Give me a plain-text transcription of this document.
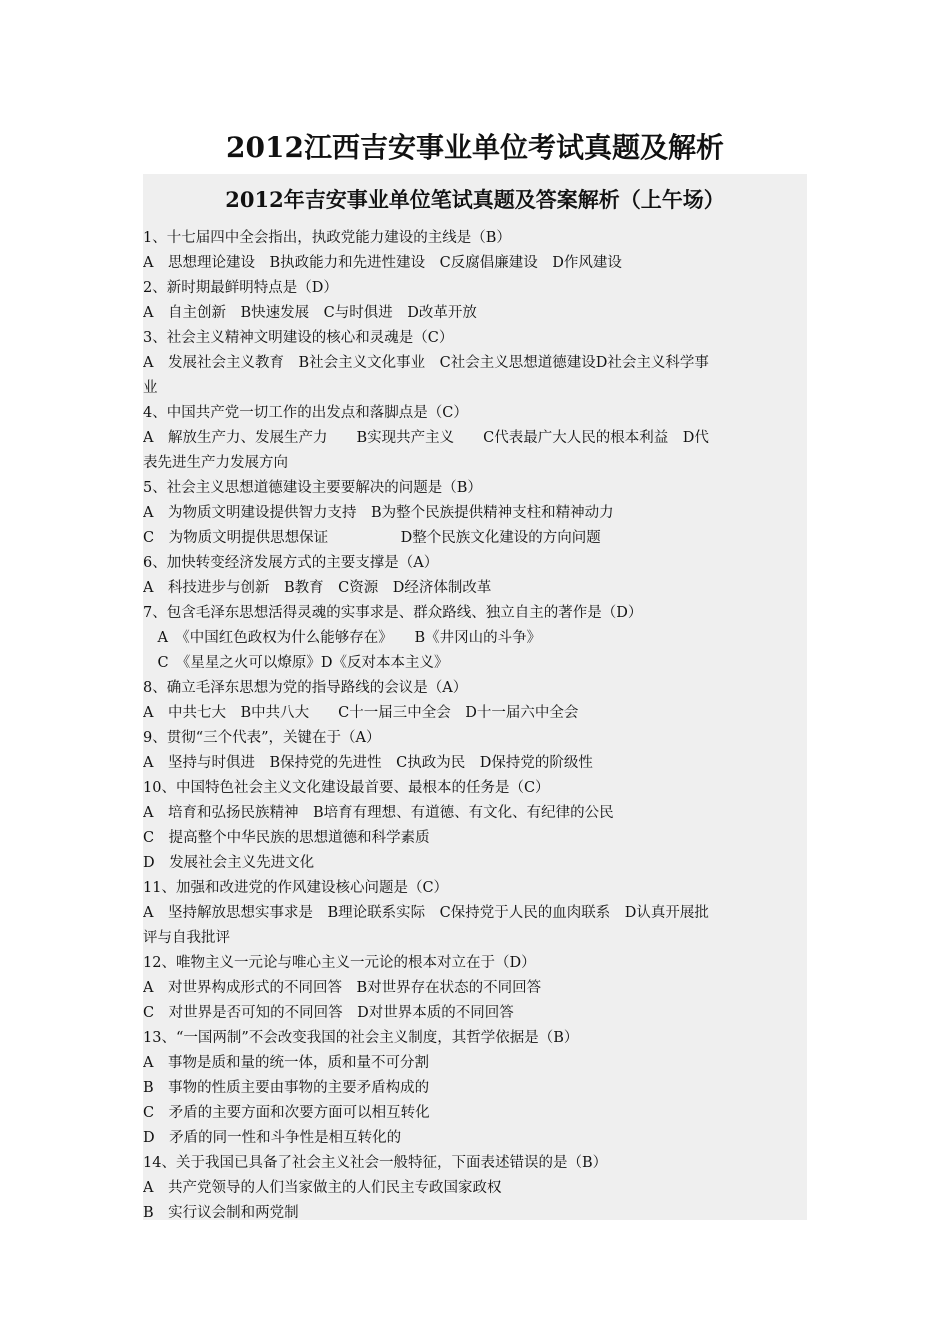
2012江西吉安事业单位考试真题及解析
2012年吉安事业单位笔试真题及答案解析（上午场）
1、十七届四中全会指出，执政党能力建设的主线是（B）
A　思想理论建设　B执政能力和先进性建设　C反腐倡廉建设　D作风建设
2、新时期最鲜明特点是（D）
A　自主创新　B快速发展　C与时俱进　D改革开放
3、社会主义精神文明建设的核心和灵魂是（C）
A　发展社会主义教育　B社会主义文化事业　C社会主义思想道德建设D社会主义科学事
业
4、中国共产党一切工作的出发点和落脚点是（C）
A　解放生产力、发展生产力　　B实现共产主义　　C代表最广大人民的根本利益　D代
表先进生产力发展方向
5、社会主义思想道德建设主要要解决的问题是（B）
A　为物质文明建设提供智力支持　B为整个民族提供精神支柱和精神动力
C　为物质文明提供思想保证　　　　　D整个民族文化建设的方向问题
6、加快转变经济发展方式的主要支撑是（A）
A　科技进步与创新　B教育　C资源　D经济体制改革
7、包含毛泽东思想活得灵魂的实事求是、群众路线、独立自主的著作是（D）
　A　《中国红色政权为什么能够存在》　　B《井冈山的斗争》
　C　《星星之火可以燎原》D《反对本本主义》
8、确立毛泽东思想为党的指导路线的会议是（A）
A　中共七大　B中共八大　　C十一届三中全会　D十一届六中全会
9、贯彻“三个代表”，关键在于（A）
A　坚持与时俱进　B保持党的先进性　C执政为民　D保持党的阶级性
10、中国特色社会主义文化建设最首要、最根本的任务是（C）
A　培育和弘扬民族精神　B培育有理想、有道德、有文化、有纪律的公民
C　提高整个中华民族的思想道德和科学素质
D　发展社会主义先进文化
11、加强和改进党的作风建设核心问题是（C）
A　坚持解放思想实事求是　B理论联系实际　C保持党于人民的血肉联系　D认真开展批
评与自我批评
12、唯物主义一元论与唯心主义一元论的根本对立在于（D）
A　对世界构成形式的不同回答　B对世界存在状态的不同回答
C　对世界是否可知的不同回答　D对世界本质的不同回答
13、“一国两制”不会改变我国的社会主义制度，其哲学依据是（B）
A　事物是质和量的统一体，质和量不可分割
B　事物的性质主要由事物的主要矛盾构成的
C　矛盾的主要方面和次要方面可以相互转化
D　矛盾的同一性和斗争性是相互转化的
14、关于我国已具备了社会主义社会一般特征，下面表述错误的是（B）
A　共产党领导的人们当家做主的人们民主专政国家政权
B　实行议会制和两党制
